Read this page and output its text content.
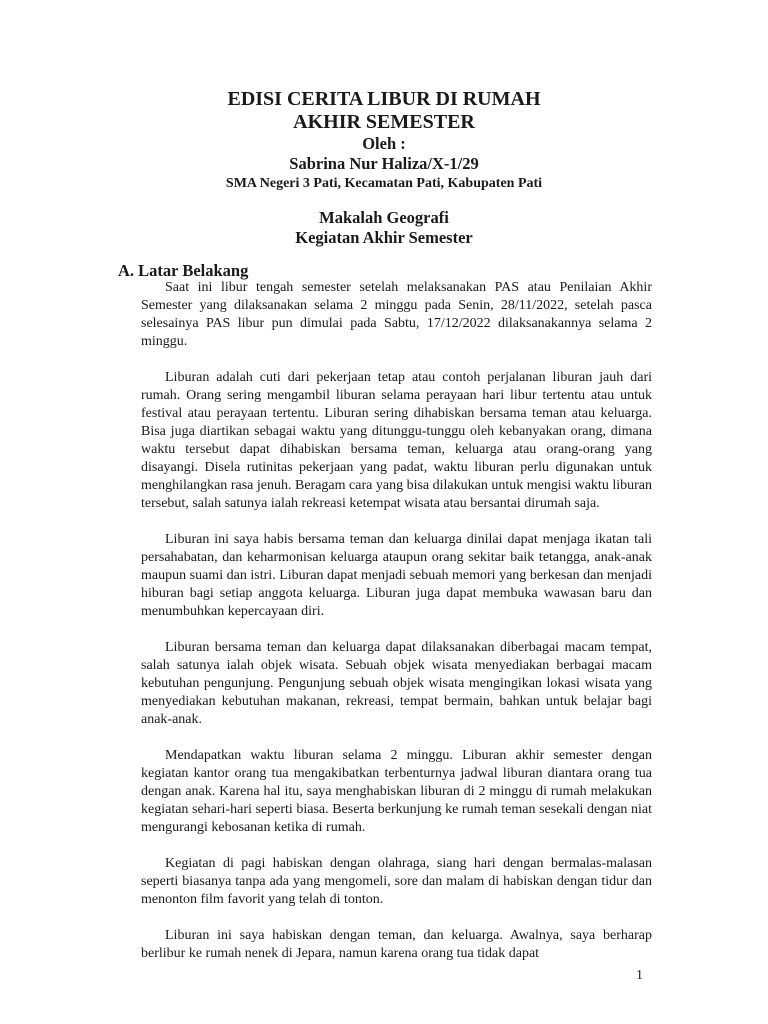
EDISI CERITA LIBUR DI RUMAH

AKHIR SEMESTER

Oleh :

Sabrina Nur Haliza/X-1/29

SMA Negeri 3 Pati, Kecamatan Pati, Kabupaten Pati

Makalah Geografi

Kegiatan Akhir Semester

A. Latar Belakang

Saat ini libur tengah semester setelah melaksanakan PAS atau Penilaian Akhir Semester yang dilaksanakan selama 2 minggu pada Senin, 28/11/2022, setelah pasca selesainya PAS libur pun dimulai pada Sabtu, 17/12/2022 dilaksanakannya selama 2 minggu.

Liburan adalah cuti dari pekerjaan tetap atau contoh perjalanan liburan jauh dari rumah. Orang sering mengambil liburan selama perayaan hari libur tertentu atau untuk festival atau perayaan tertentu. Liburan sering dihabiskan bersama teman atau keluarga. Bisa juga diartikan sebagai waktu yang ditunggu-tunggu oleh kebanyakan orang, dimana waktu tersebut dapat dihabiskan bersama teman, keluarga atau orang-orang yang disayangi. Disela rutinitas pekerjaan yang padat, waktu liburan perlu digunakan untuk menghilangkan rasa jenuh. Beragam cara yang bisa dilakukan untuk mengisi waktu liburan tersebut, salah satunya ialah rekreasi ketempat wisata atau bersantai dirumah saja.

Liburan ini saya habis bersama teman dan keluarga dinilai dapat menjaga ikatan tali persahabatan, dan keharmonisan keluarga ataupun orang sekitar baik tetangga, anak-anak maupun suami dan istri. Liburan dapat menjadi sebuah memori yang berkesan dan menjadi hiburan bagi setiap anggota keluarga. Liburan juga dapat membuka wawasan baru dan menumbuhkan kepercayaan diri.

Liburan bersama teman dan keluarga dapat dilaksanakan diberbagai macam tempat, salah satunya ialah objek wisata. Sebuah objek wisata menyediakan berbagai macam kebutuhan pengunjung. Pengunjung sebuah objek wisata mengingikan lokasi wisata yang menyediakan kebutuhan makanan, rekreasi, tempat bermain, bahkan untuk belajar bagi anak-anak.

Mendapatkan waktu liburan selama 2 minggu. Liburan akhir semester dengan kegiatan kantor orang tua mengakibatkan terbenturnya jadwal liburan diantara orang tua dengan anak. Karena hal itu, saya menghabiskan liburan di 2 minggu di rumah melakukan kegiatan sehari-hari seperti biasa. Beserta berkunjung ke rumah teman sesekali dengan niat mengurangi kebosanan ketika di rumah.

Kegiatan di pagi habiskan dengan olahraga, siang hari dengan bermalas-malasan seperti biasanya tanpa ada yang mengomeli, sore dan malam di habiskan dengan tidur dan menonton film favorit yang telah di tonton.

Liburan ini saya habiskan dengan teman, dan keluarga. Awalnya, saya berharap berlibur ke rumah nenek di Jepara, namun karena orang tua tidak dapat

1
